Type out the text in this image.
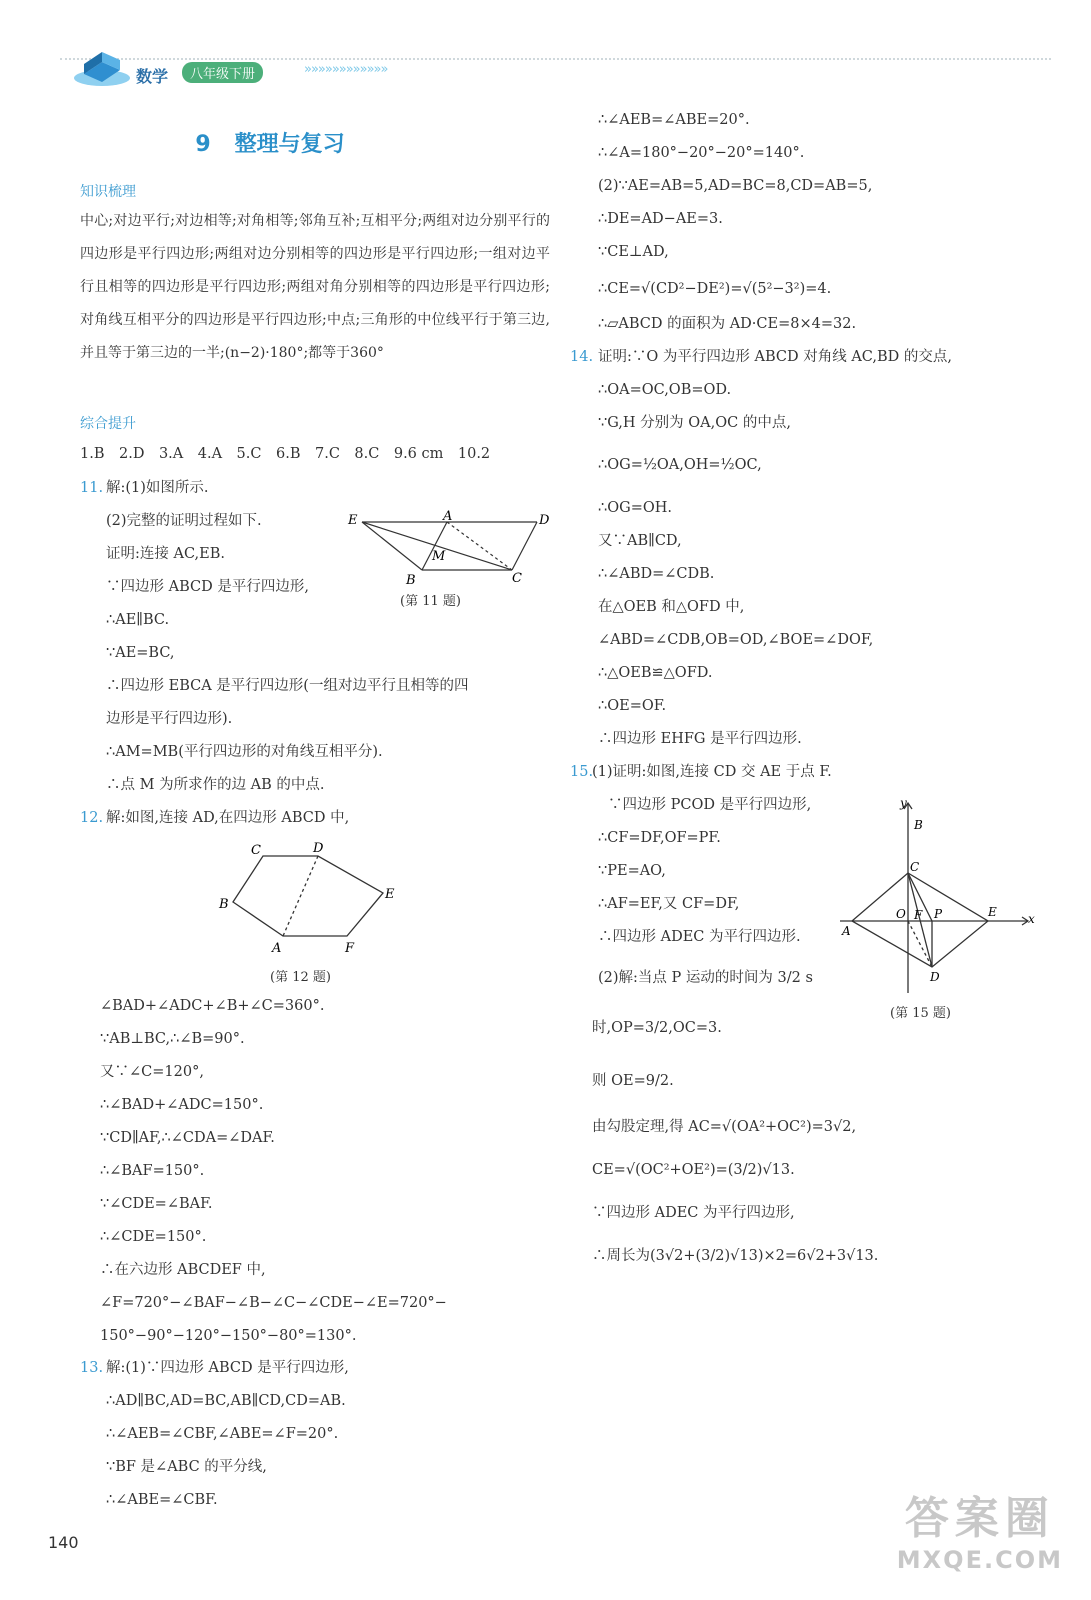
数学	八年级下册	»»»»»»»»»»»»
9 整理与复习
知识梳理
中心;对边平行;对边相等;对角相等;邻角互补;互相平分;两组对边分别平行的四边形是平行四边形;两组对边分别相等的四边形是平行四边形;一组对边平行且相等的四边形是平行四边形;两组对角分别相等的四边形是平行四边形;对角线互相平分的四边形是平行四边形;中点;三角形的中位线平行于第三边,并且等于第三边的一半;(n−2)·180°;都等于360°
综合提升
1.B　2.D　3.A　4.A　5.C　6.B　7.C　8.C　9.6 cm　10.2
11. 解:(1)如图所示.
(2)完整的证明过程如下.
证明:连接 AC,EB.
∵四边形 ABCD 是平行四边形,
∴AE∥BC.
∵AE=BC,
∴四边形 EBCA 是平行四边形(一组对边平行且相等的四
边形是平行四边形).
∴AM=MB(平行四边形的对角线互相平分).
∴点 M 为所求作的边 AB 的中点.
E	A	D
M
B	C
(第 11 题)
12. 解:如图,连接 AD,在四边形 ABCD 中,
C	D
E
B
A	F
(第 12 题)
∠BAD+∠ADC+∠B+∠C=360°.
∵AB⊥BC,∴∠B=90°.
又∵∠C=120°,
∴∠BAD+∠ADC=150°.
∵CD∥AF,∴∠CDA=∠DAF.
∴∠BAF=150°.
∵∠CDE=∠BAF.
∴∠CDE=150°.
∴在六边形 ABCDEF 中,
∠F=720°−∠BAF−∠B−∠C−∠CDE−∠E=720°−
150°−90°−120°−150°−80°=130°.
13. 解:(1)∵四边形 ABCD 是平行四边形,
∴AD∥BC,AD=BC,AB∥CD,CD=AB.
∴∠AEB=∠CBF,∠ABE=∠F=20°.
∵BF 是∠ABC 的平分线,
∴∠ABE=∠CBF.
∴∠AEB=∠ABE=20°.
∴∠A=180°−20°−20°=140°.
(2)∵AE=AB=5,AD=BC=8,CD=AB=5,
∴DE=AD−AE=3.
∵CE⊥AD,
∴CE=√(CD²−DE²)=√(5²−3²)=4.
∴▱ABCD 的面积为 AD·CE=8×4=32.
14. 证明:∵O 为平行四边形 ABCD 对角线 AC,BD 的交点,
∴OA=OC,OB=OD.
∵G,H 分别为 OA,OC 的中点,
∴OG=½OA,OH=½OC,
∴OG=OH.
又∵AB∥CD,
∴∠ABD=∠CDB.
在△OEB 和△OFD 中,
∠ABD=∠CDB,OB=OD,∠BOE=∠DOF,
∴△OEB≌△OFD.
∴OE=OF.
∴四边形 EHFG 是平行四边形.
15.
(1)证明:如图,连接 CD 交 AE 于点 F.
∵四边形 PCOD 是平行四边形,
∴CF=DF,OF=PF.
∵PE=AO,
∴AF=EF,又 CF=DF,
∴四边形 ADEC 为平行四边形.
(2)解:当点 P 运动的时间为 3/2 s
时,OP=3/2,OC=3.
则 OE=9/2.
由勾股定理,得 AC=√(OA²+OC²)=3√2,
CE=√(OC²+OE²)=(3/2)√13.
∵四边形 ADEC 为平行四边形,
∴周长为(3√2+(3/2)√13)×2=6√2+3√13.
y
B
C
O F P	E	x
A
D
(第 15 题)
140	答案圈
MXQE.COM
